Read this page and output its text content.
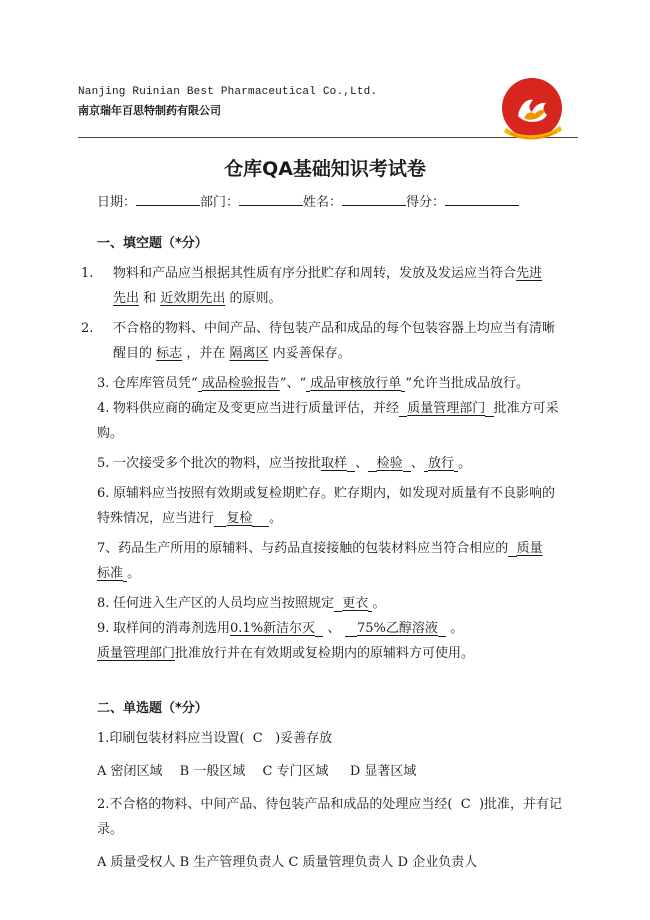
Nanjing Ruinian Best Pharmaceutical Co.,Ltd.
南京瑞年百思特制药有限公司
仓库QA基础知识考试卷
日期：	部门：	姓名：	得分：

一、填空题（*分）

1. 物料和产品应当根据其性质有序分批贮存和周转，发放及发运应当符合先进
先出 和 近效期先出 的原则。

2. 不合格的物料、中间产品、待包装产品和成品的每个包装容器上均应当有清晰醒目的 标志 ，并在 隔离区 内妥善保存。

3. 仓库库管员凭“ 成品检验报告”、“ 成品审核放行单 ”允许当批成品放行。

4. 物料供应商的确定及变更应当进行质量评估，并经 质量管理部门 批准方可采购。

5. 一次接受多个批次的物料，应当按批取样 、 检验 、 放行 。

6. 原辅料应当按照有效期或复检期贮存。贮存期内，如发现对质量有不良影响的特殊情况，应当进行 复检 。

7、药品生产所用的原辅料、与药品直接接触的包装材料应当符合相应的 质量
标准 。

8. 任何进入生产区的人员均应当按照规定 更衣 。

9. 取样间的消毒剂选用0.1%新洁尔灭 、 75%乙醇溶液 。

质量管理部门批准放行并在有效期或复检期内的原辅料方可使用。

二、单选题（*分）

1.印刷包装材料应当设置( C )妥善存放

A 密闭区域　 B 一般区域 　C 专门区域 　 D 显著区域

2.不合格的物料、中间产品、待包装产品和成品的处理应当经( C )批准，并有记录。

A 质量受权人 B 生产管理负责人 C 质量管理负责人 D 企业负责人
